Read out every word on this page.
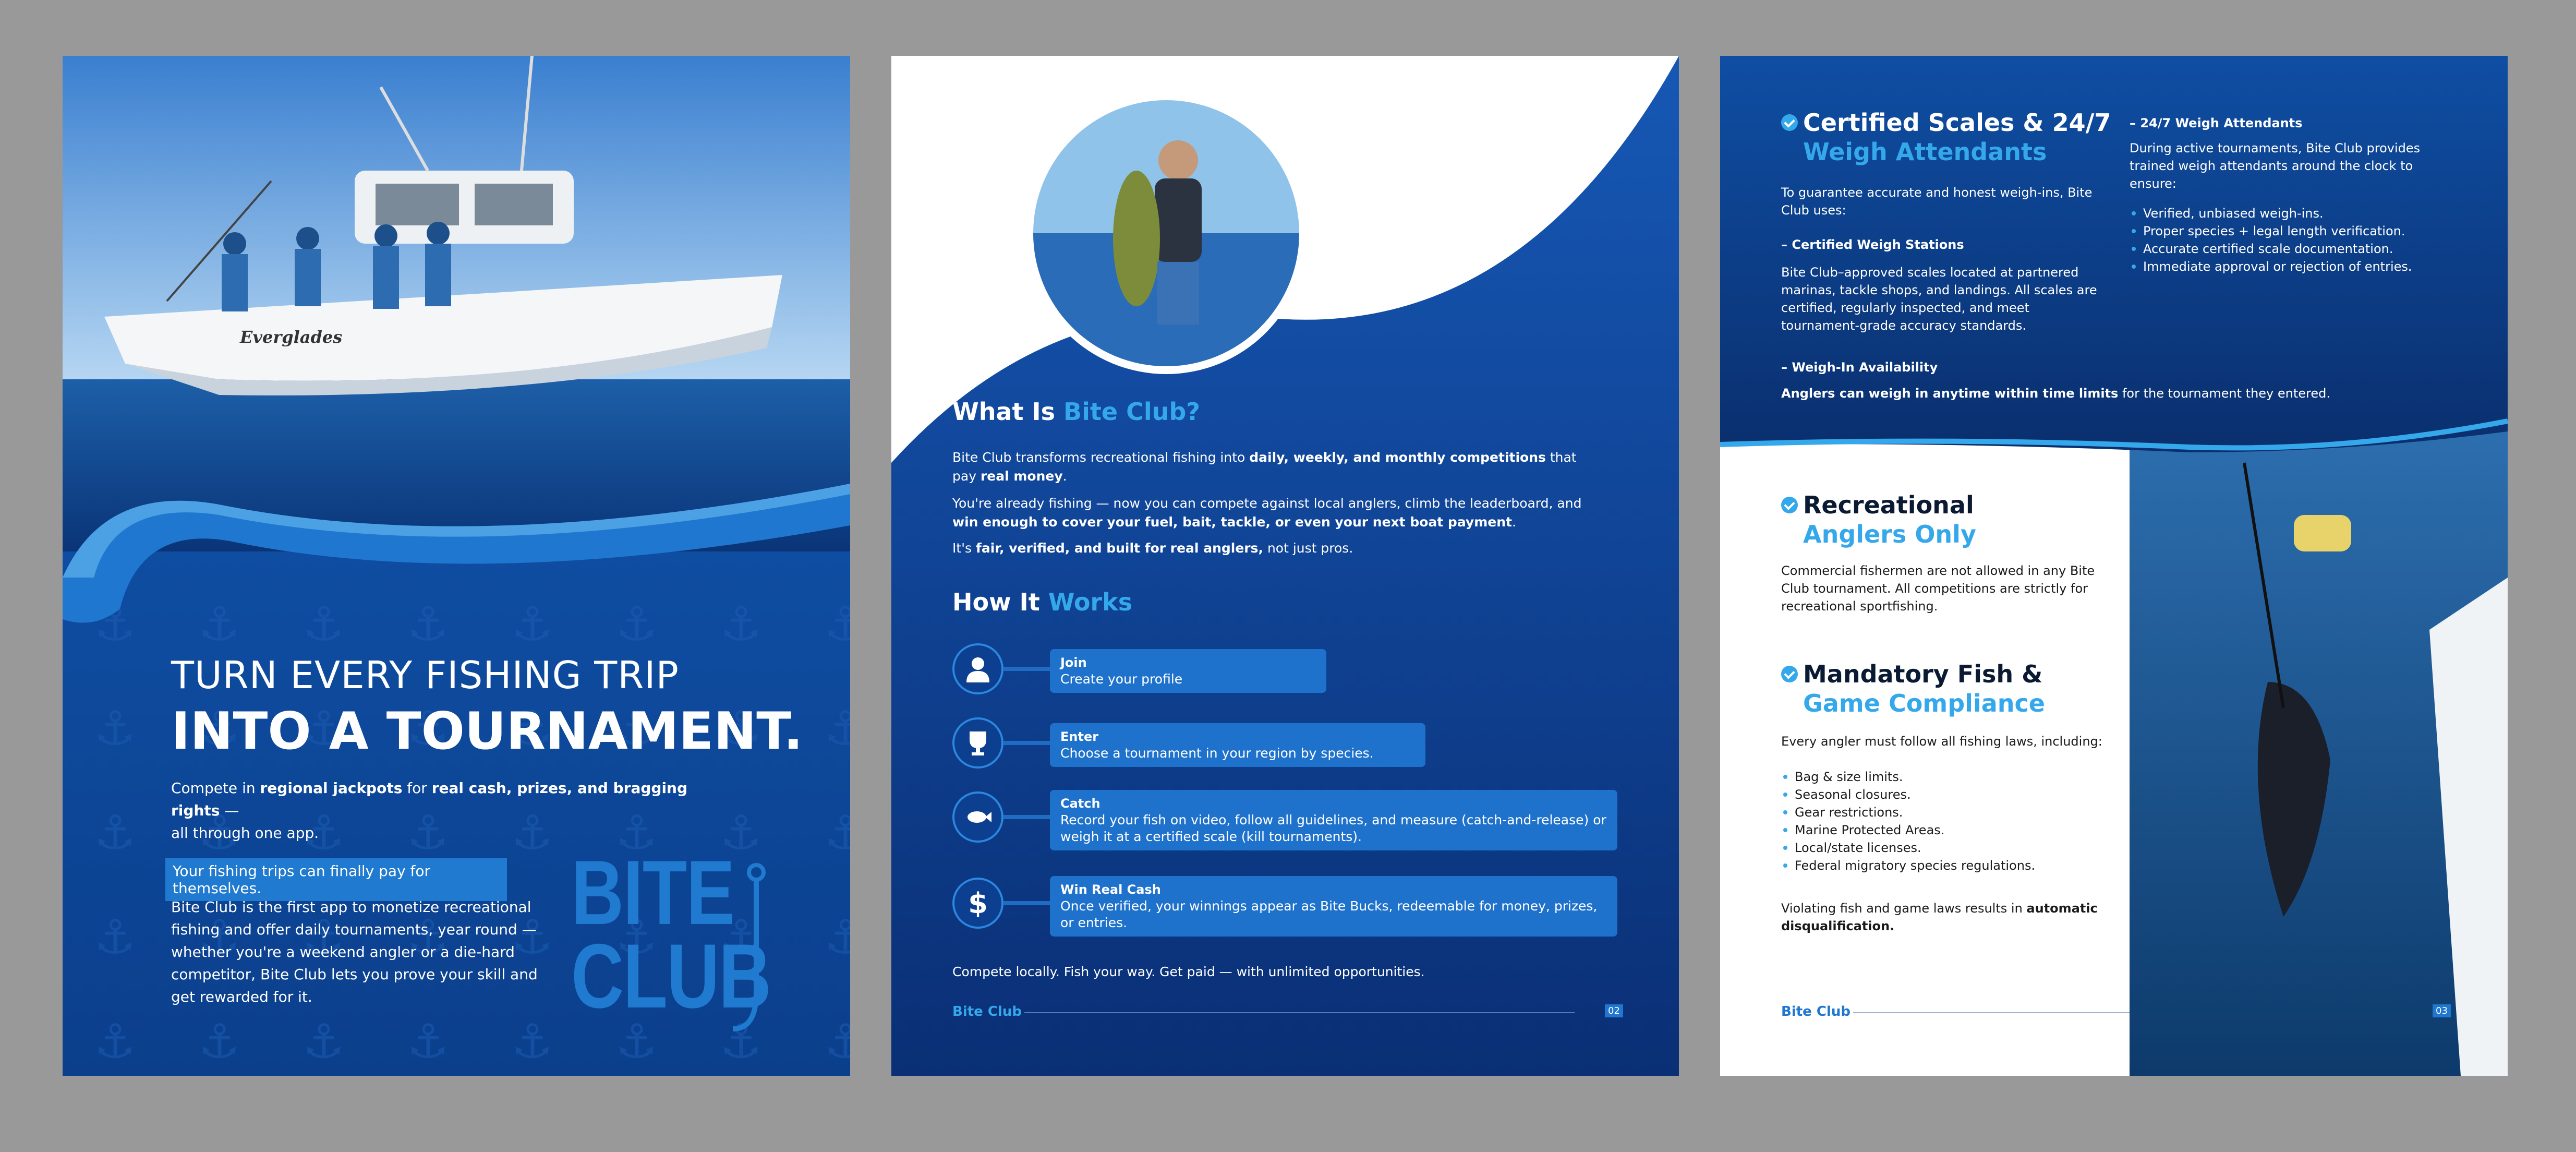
Everglades
TURN EVERY FISHING TRIP
INTO A TOURNAMENT.
Compete in regional jackpots for real cash, prizes, and bragging rights —
all through one app.
Your fishing trips can finally pay for themselves.
Bite Club is the first app to monetize recreational
fishing and offer daily tournaments, year round —
whether you're a weekend angler or a die-hard
competitor, Bite Club lets you prove your skill and
get rewarded for it.
BITE
CLUB
What Is Bite Club?
Bite Club transforms recreational fishing into daily, weekly, and monthly competitions that pay real money.
You're already fishing — now you can compete against local anglers, climb the leaderboard, and win enough to cover your fuel, bait, tackle, or even your next boat payment.
It's fair, verified, and built for real anglers, not just pros.
How It Works
Join
Create your profile
Enter
Choose a tournament in your region by species.
Catch
Record your fish on video, follow all guidelines, and measure (catch-and-release) or weigh it at a certified scale (kill tournaments).
$	Win Real Cash
Once verified, your winnings appear as Bite Bucks, redeemable for money, prizes, or entries.
Compete locally. Fish your way. Get paid — with unlimited opportunities.
Bite Club	02
Certified Scales & 24/7
Weigh Attendants
To guarantee accurate and honest weigh-ins, Bite Club uses:
– Certified Weigh Stations
Bite Club–approved scales located at partnered marinas, tackle shops, and landings. All scales are certified, regularly inspected, and meet tournament-grade accuracy standards.
– Weigh-In Availability
Anglers can weigh in anytime within time limits for the tournament they entered.
– 24/7 Weigh Attendants
During active tournaments, Bite Club provides trained weigh attendants around the clock to ensure:
Verified, unbiased weigh-ins.
Proper species + legal length verification.
Accurate certified scale documentation.
Immediate approval or rejection of entries.
Recreational
Anglers Only
Commercial fishermen are not allowed in any Bite Club tournament. All competitions are strictly for recreational sportfishing.
Mandatory Fish &
Game Compliance
Every angler must follow all fishing laws, including:
Bag & size limits.
Seasonal closures.
Gear restrictions.
Marine Protected Areas.
Local/state licenses.
Federal migratory species regulations.
Violating fish and game laws results in automatic disqualification.
Bite Club	03
